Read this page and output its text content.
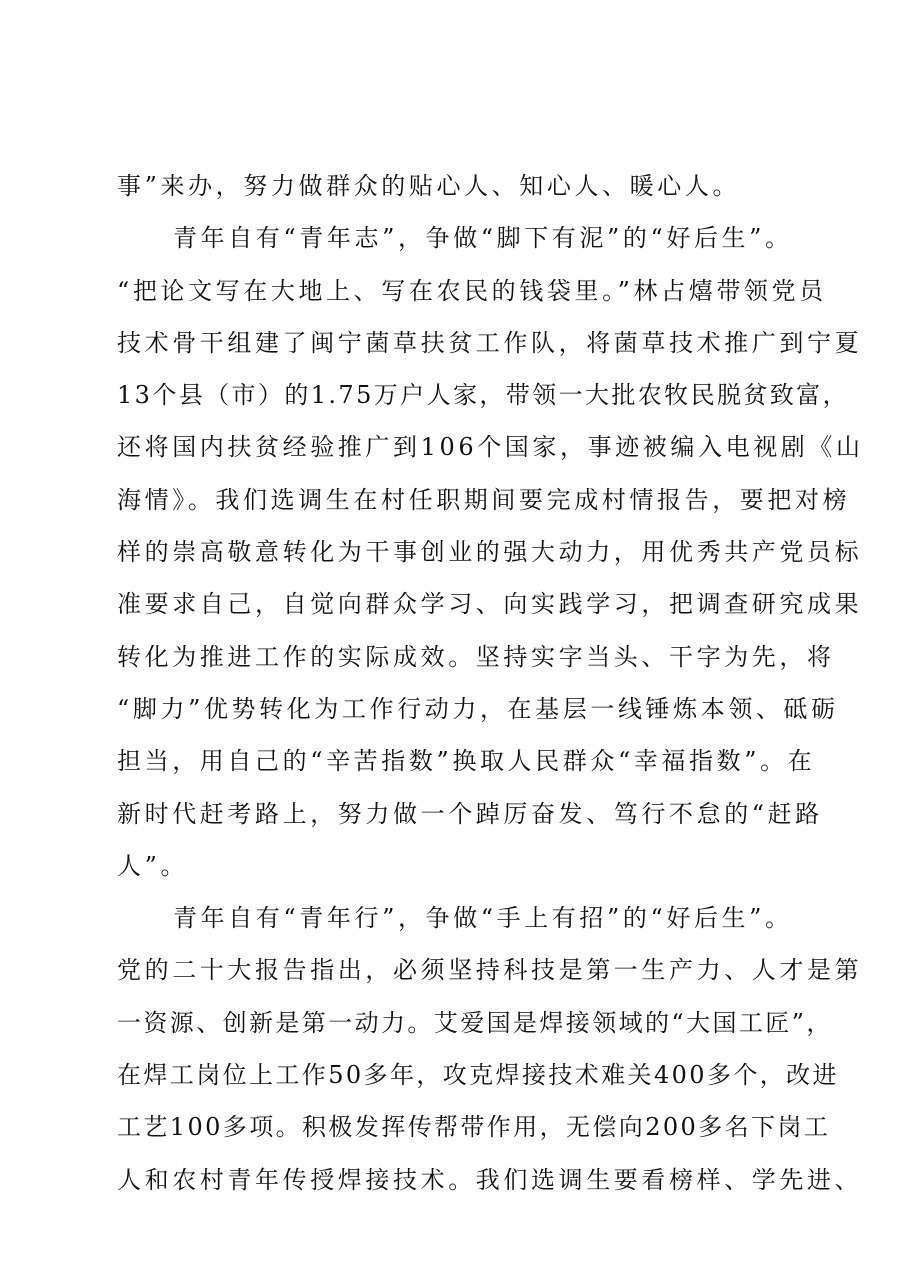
事”来办，努力做群众的贴心人、知心人、暖心人。
青年自有“青年志”，争做“脚下有泥”的“好后生”。
“把论文写在大地上、写在农民的钱袋里。”林占熺带领党员
技术骨干组建了闽宁菌草扶贫工作队，将菌草技术推广到宁夏
13个县（市）的1.75万户人家，带领一大批农牧民脱贫致富，
还将国内扶贫经验推广到106个国家，事迹被编入电视剧《山
海情》。我们选调生在村任职期间要完成村情报告，要把对榜
样的崇高敬意转化为干事创业的强大动力，用优秀共产党员标
准要求自己，自觉向群众学习、向实践学习，把调查研究成果
转化为推进工作的实际成效。坚持实字当头、干字为先，将
“脚力”优势转化为工作行动力，在基层一线锤炼本领、砥砺
担当，用自己的“辛苦指数”换取人民群众“幸福指数”。在
新时代赶考路上，努力做一个踔厉奋发、笃行不怠的“赶路
人”。
青年自有“青年行”，争做“手上有招”的“好后生”。
党的二十大报告指出，必须坚持科技是第一生产力、人才是第
一资源、创新是第一动力。艾爱国是焊接领域的“大国工匠”，
在焊工岗位上工作50多年，攻克焊接技术难关400多个，改进
工艺100多项。积极发挥传帮带作用，无偿向200多名下岗工
人和农村青年传授焊接技术。我们选调生要看榜样、学先进、
